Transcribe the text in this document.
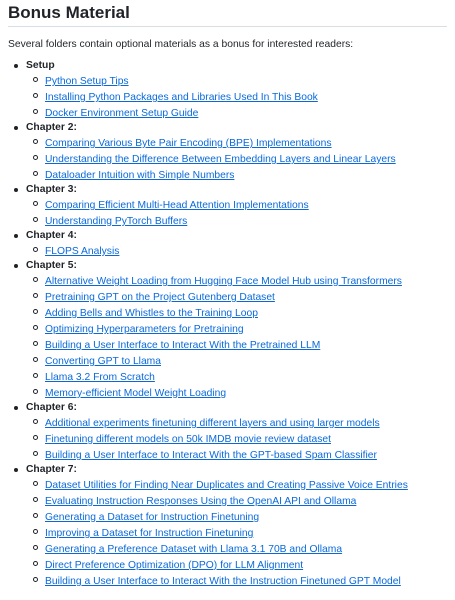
Bonus Material

Several folders contain optional materials as a bonus for interested readers:

Setup
Python Setup Tips
Installing Python Packages and Libraries Used In This Book
Docker Environment Setup Guide
Chapter 2:
Comparing Various Byte Pair Encoding (BPE) Implementations
Understanding the Difference Between Embedding Layers and Linear Layers
Dataloader Intuition with Simple Numbers
Chapter 3:
Comparing Efficient Multi-Head Attention Implementations
Understanding PyTorch Buffers
Chapter 4:
FLOPS Analysis
Chapter 5:
Alternative Weight Loading from Hugging Face Model Hub using Transformers
Pretraining GPT on the Project Gutenberg Dataset
Adding Bells and Whistles to the Training Loop
Optimizing Hyperparameters for Pretraining
Building a User Interface to Interact With the Pretrained LLM
Converting GPT to Llama
Llama 3.2 From Scratch
Memory-efficient Model Weight Loading
Chapter 6:
Additional experiments finetuning different layers and using larger models
Finetuning different models on 50k IMDB movie review dataset
Building a User Interface to Interact With the GPT-based Spam Classifier
Chapter 7:
Dataset Utilities for Finding Near Duplicates and Creating Passive Voice Entries
Evaluating Instruction Responses Using the OpenAI API and Ollama
Generating a Dataset for Instruction Finetuning
Improving a Dataset for Instruction Finetuning
Generating a Preference Dataset with Llama 3.1 70B and Ollama
Direct Preference Optimization (DPO) for LLM Alignment
Building a User Interface to Interact With the Instruction Finetuned GPT Model
